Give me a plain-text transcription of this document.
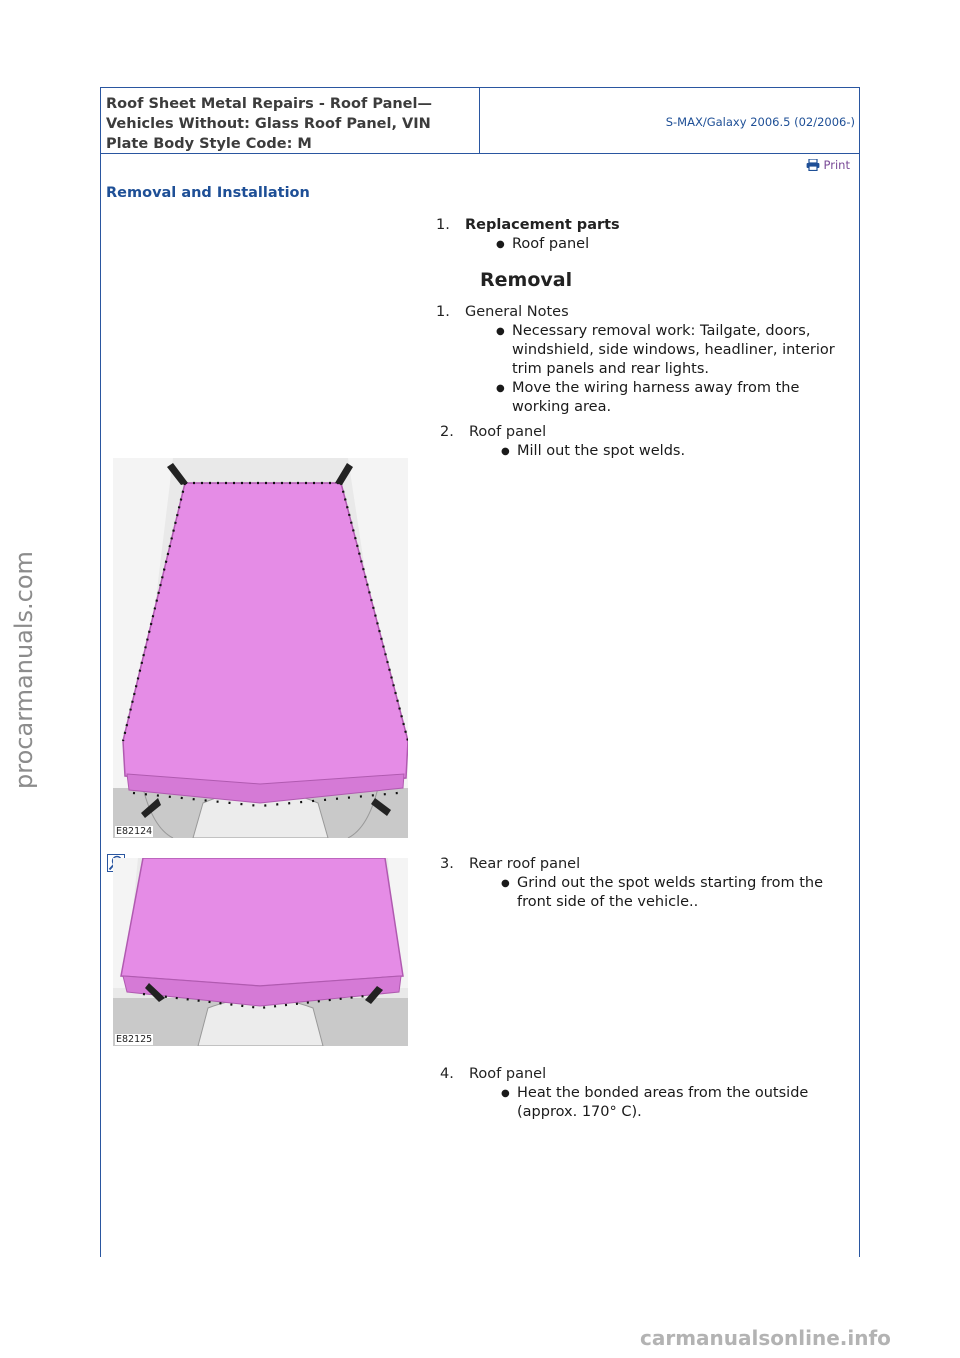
Roof Sheet Metal Repairs - Roof Panel—
Vehicles Without: Glass Roof Panel, VIN
Plate Body Style Code: M
S-MAX/Galaxy 2006.5 (02/2006-)
Print
Removal and Installation
1. Replacement parts
● Roof panel
Removal
1. General Notes
● Necessary removal work: Tailgate, doors, windshield, side windows, headliner, interior trim panels and rear lights.
● Move the wiring harness away from the working area.
2. Roof panel
● Mill out the spot welds.
E82124
E82125
3. Rear roof panel
● Grind out the spot welds starting from the front side of the vehicle..
4. Roof panel
● Heat the bonded areas from the outside (approx. 170° C).
procarmanuals.com
carmanualsonline.info
